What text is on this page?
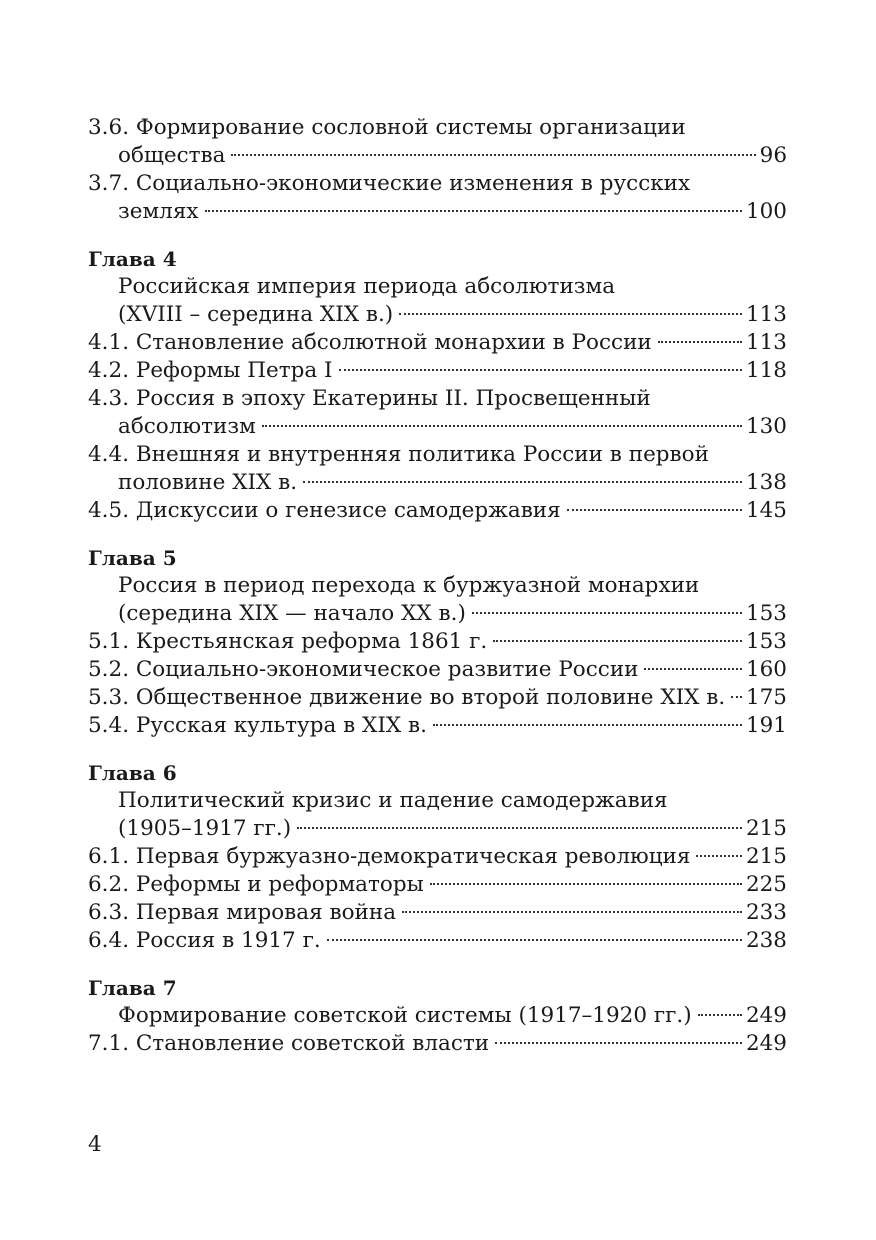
3.6. Формирование сословной системы организации
общества	96
3.7. Социально-экономические изменения в русских
землях	100
Глава 4
Российская империя периода абсолютизма
(XVIII – середина XIX в.)	113
4.1. Становление абсолютной монархии в России	113
4.2. Реформы Петра I	118
4.3. Россия в эпоху Екатерины II. Просвещенный
абсолютизм	130
4.4. Внешняя и внутренняя политика России в первой
половине XIX в.	138
4.5. Дискуссии о генезисе самодержавия	145
Глава 5
Россия в период перехода к буржуазной монархии
(середина XIX — начало XX в.)	153
5.1. Крестьянская реформа 1861 г.	153
5.2. Социально-экономическое развитие России	160
5.3. Общественное движение во второй половине XIX в. 175
5.4. Русская культура в XIX в.	191
Глава 6
Политический кризис и падение самодержавия
(1905–1917 гг.)	215
6.1. Первая буржуазно-демократическая революция	215
6.2. Реформы и реформаторы	225
6.3. Первая мировая война	233
6.4. Россия в 1917 г.	238
Глава 7
Формирование советской системы (1917–1920 гг.)	249
7.1. Становление советской власти	249
4
